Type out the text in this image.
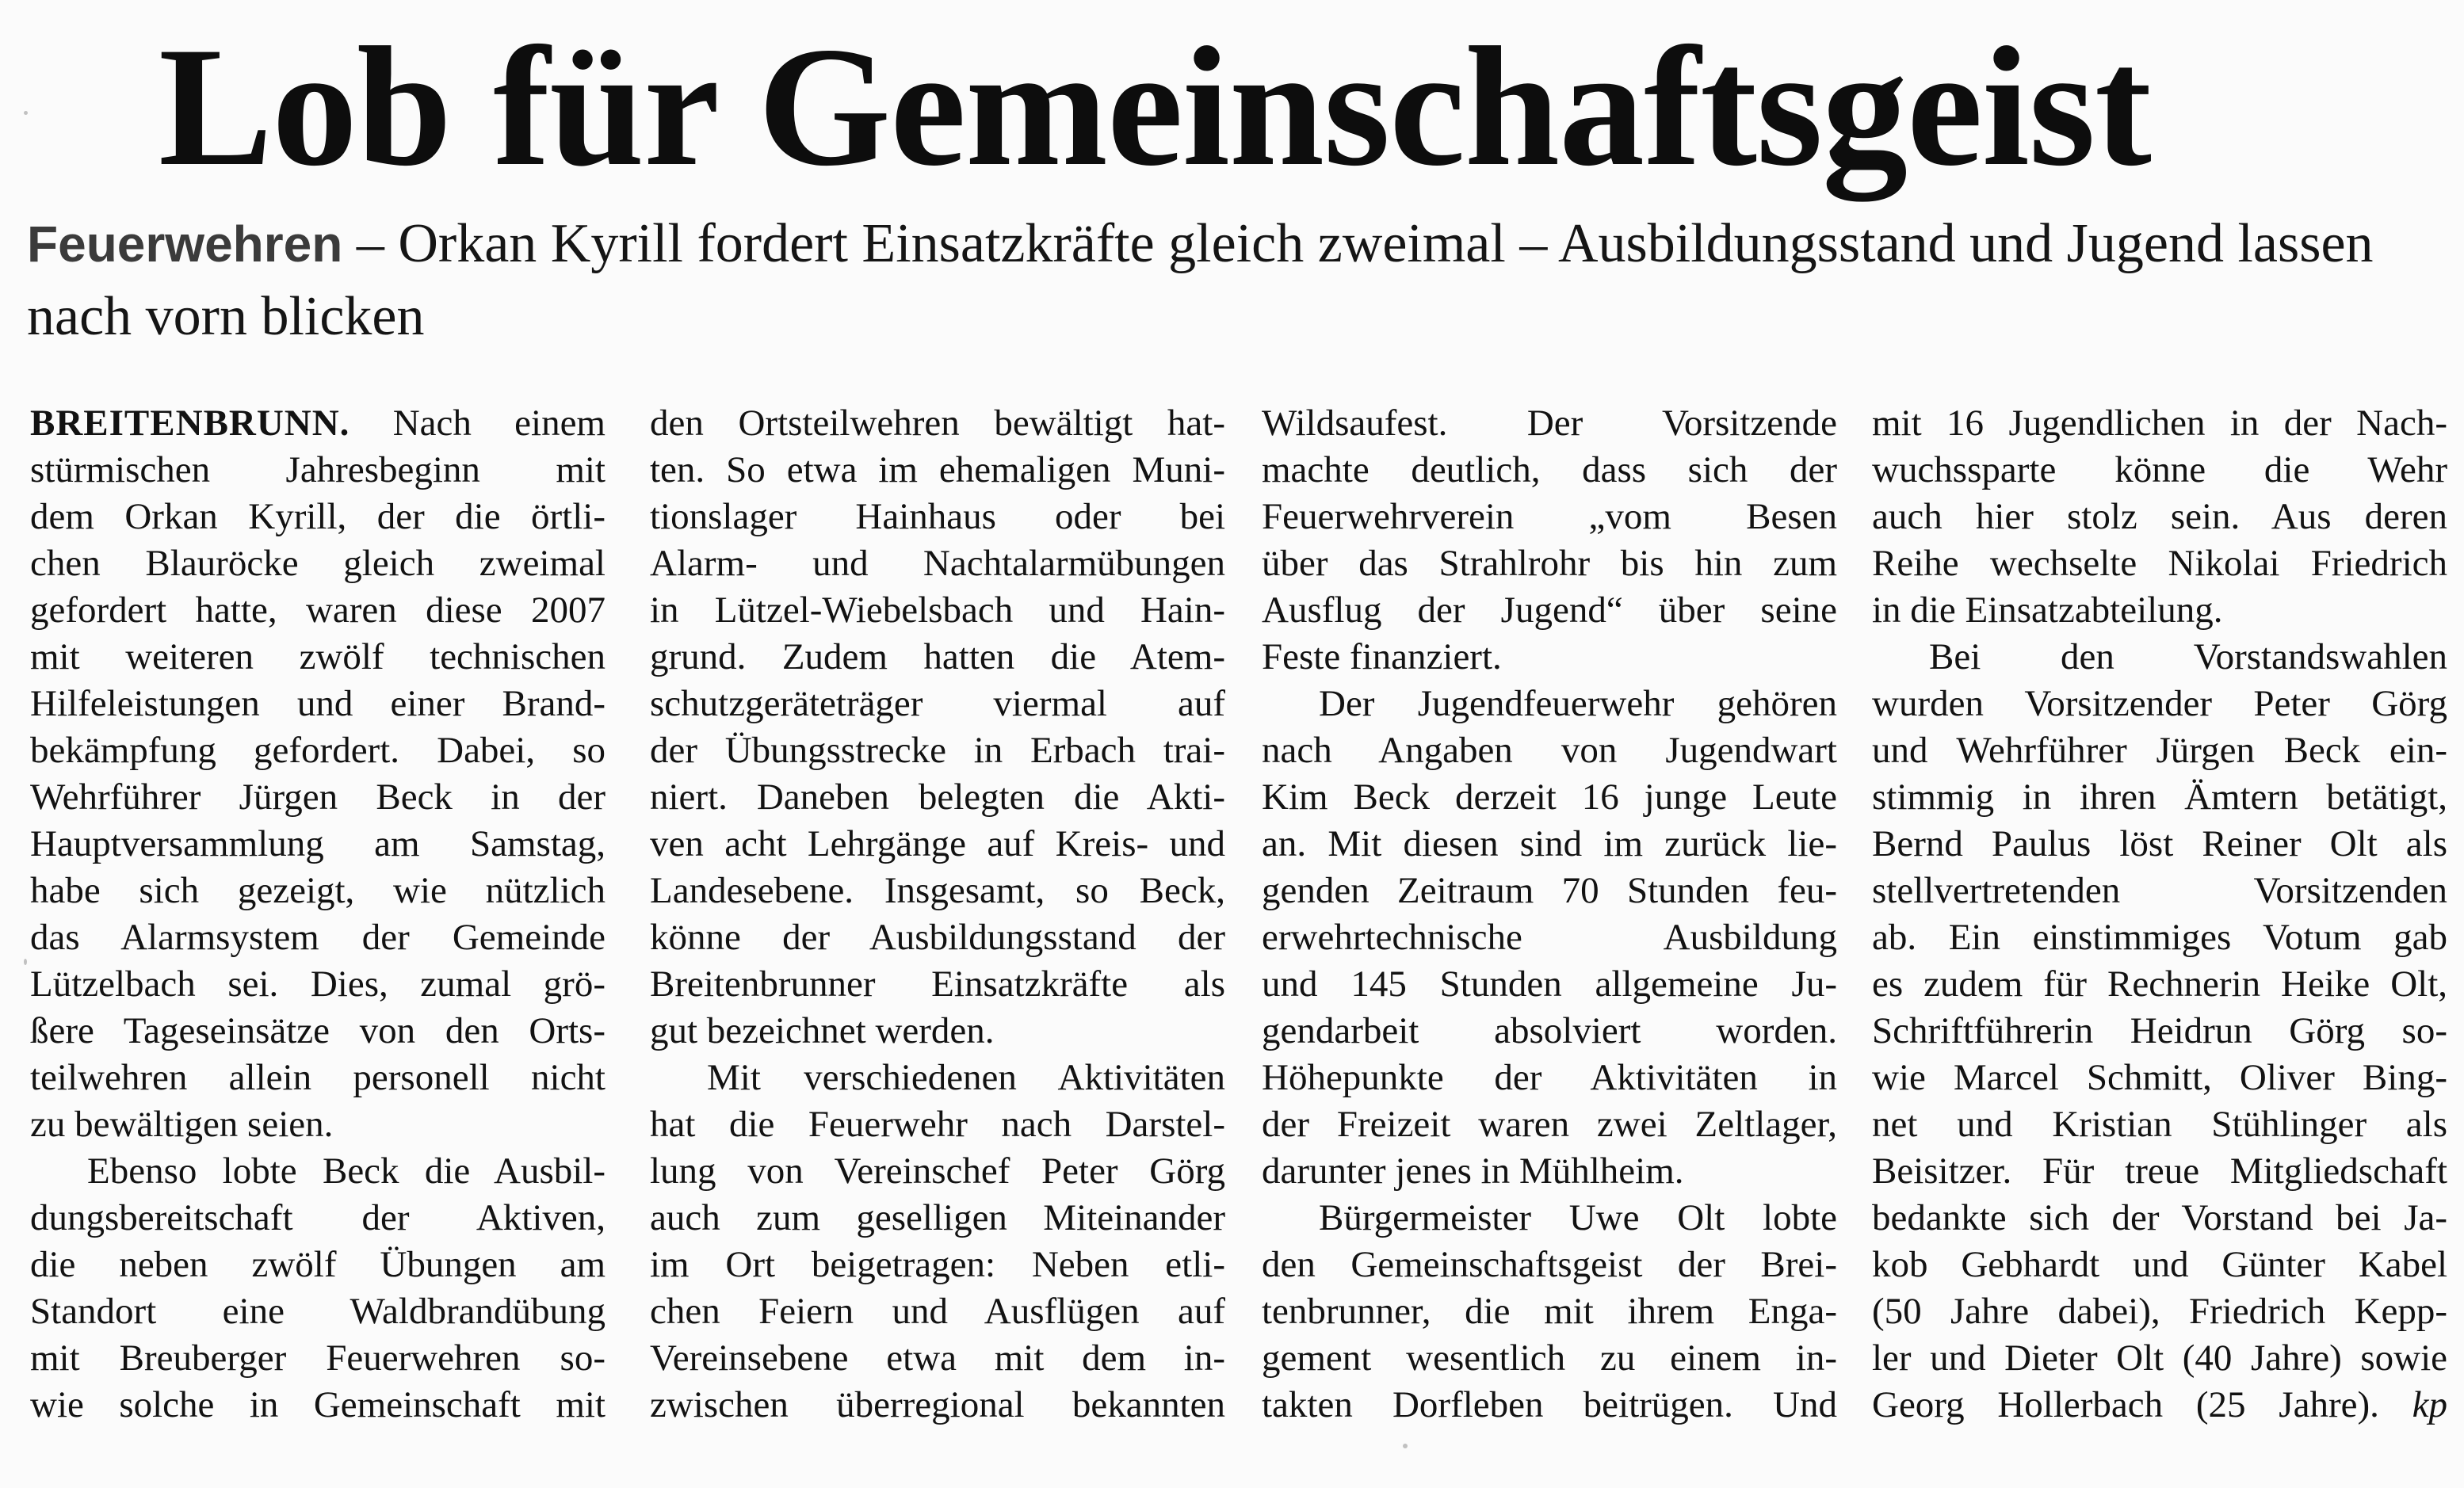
Lob für Gemeinschaftsgeist

Feuerwehren – Orkan Kyrill fordert Einsatzkräfte gleich zweimal – Ausbildungsstand und Jugend lassen nach vorn blicken

BREITENBRUNN. Nach einem
stürmischen Jahresbeginn mit
dem Orkan Kyrill, der die örtli-
chen Blauröcke gleich zweimal
gefordert hatte, waren diese 2007
mit weiteren zwölf technischen
Hilfeleistungen und einer Brand-
bekämpfung gefordert. Dabei, so
Wehrführer Jürgen Beck in der
Hauptversammlung am Samstag,
habe sich gezeigt, wie nützlich
das Alarmsystem der Gemeinde
Lützelbach sei. Dies, zumal grö-
ßere Tageseinsätze von den Orts-
teilwehren allein personell nicht
zu bewältigen seien.
Ebenso lobte Beck die Ausbil-
dungsbereitschaft der Aktiven,
die neben zwölf Übungen am
Standort eine Waldbrandübung
mit Breuberger Feuerwehren so-
wie solche in Gemeinschaft mit
den Ortsteilwehren bewältigt hat-
ten. So etwa im ehemaligen Muni-
tionslager Hainhaus oder bei
Alarm- und Nachtalarmübungen
in Lützel-Wiebelsbach und Hain-
grund. Zudem hatten die Atem-
schutzgeräteträger viermal auf
der Übungsstrecke in Erbach trai-
niert. Daneben belegten die Akti-
ven acht Lehrgänge auf Kreis- und
Landesebene. Insgesamt, so Beck,
könne der Ausbildungsstand der
Breitenbrunner Einsatzkräfte als
gut bezeichnet werden.
Mit verschiedenen Aktivitäten
hat die Feuerwehr nach Darstel-
lung von Vereinschef Peter Görg
auch zum geselligen Miteinander
im Ort beigetragen: Neben etli-
chen Feiern und Ausflügen auf
Vereinsebene etwa mit dem in-
zwischen überregional bekannten
Wildsaufest. Der Vorsitzende
machte deutlich, dass sich der
Feuerwehrverein „vom Besen
über das Strahlrohr bis hin zum
Ausflug der Jugend“ über seine
Feste finanziert.
Der Jugendfeuerwehr gehören
nach Angaben von Jugendwart
Kim Beck derzeit 16 junge Leute
an. Mit diesen sind im zurück lie-
genden Zeitraum 70 Stunden feu-
erwehrtechnische Ausbildung
und 145 Stunden allgemeine Ju-
gendarbeit absolviert worden.
Höhepunkte der Aktivitäten in
der Freizeit waren zwei Zeltlager,
darunter jenes in Mühlheim.
Bürgermeister Uwe Olt lobte
den Gemeinschaftsgeist der Brei-
tenbrunner, die mit ihrem Enga-
gement wesentlich zu einem in-
takten Dorfleben beitrügen. Und
mit 16 Jugendlichen in der Nach-
wuchssparte könne die Wehr
auch hier stolz sein. Aus deren
Reihe wechselte Nikolai Friedrich
in die Einsatzabteilung.
Bei den Vorstandswahlen
wurden Vorsitzender Peter Görg
und Wehrführer Jürgen Beck ein-
stimmig in ihren Ämtern betätigt,
Bernd Paulus löst Reiner Olt als
stellvertretenden Vorsitzenden
ab. Ein einstimmiges Votum gab
es zudem für Rechnerin Heike Olt,
Schriftführerin Heidrun Görg so-
wie Marcel Schmitt, Oliver Bing-
net und Kristian Stühlinger als
Beisitzer. Für treue Mitgliedschaft
bedankte sich der Vorstand bei Ja-
kob Gebhardt und Günter Kabel
(50 Jahre dabei), Friedrich Kepp-
ler und Dieter Olt (40 Jahre) sowie
Georg Hollerbach (25 Jahre). kp
